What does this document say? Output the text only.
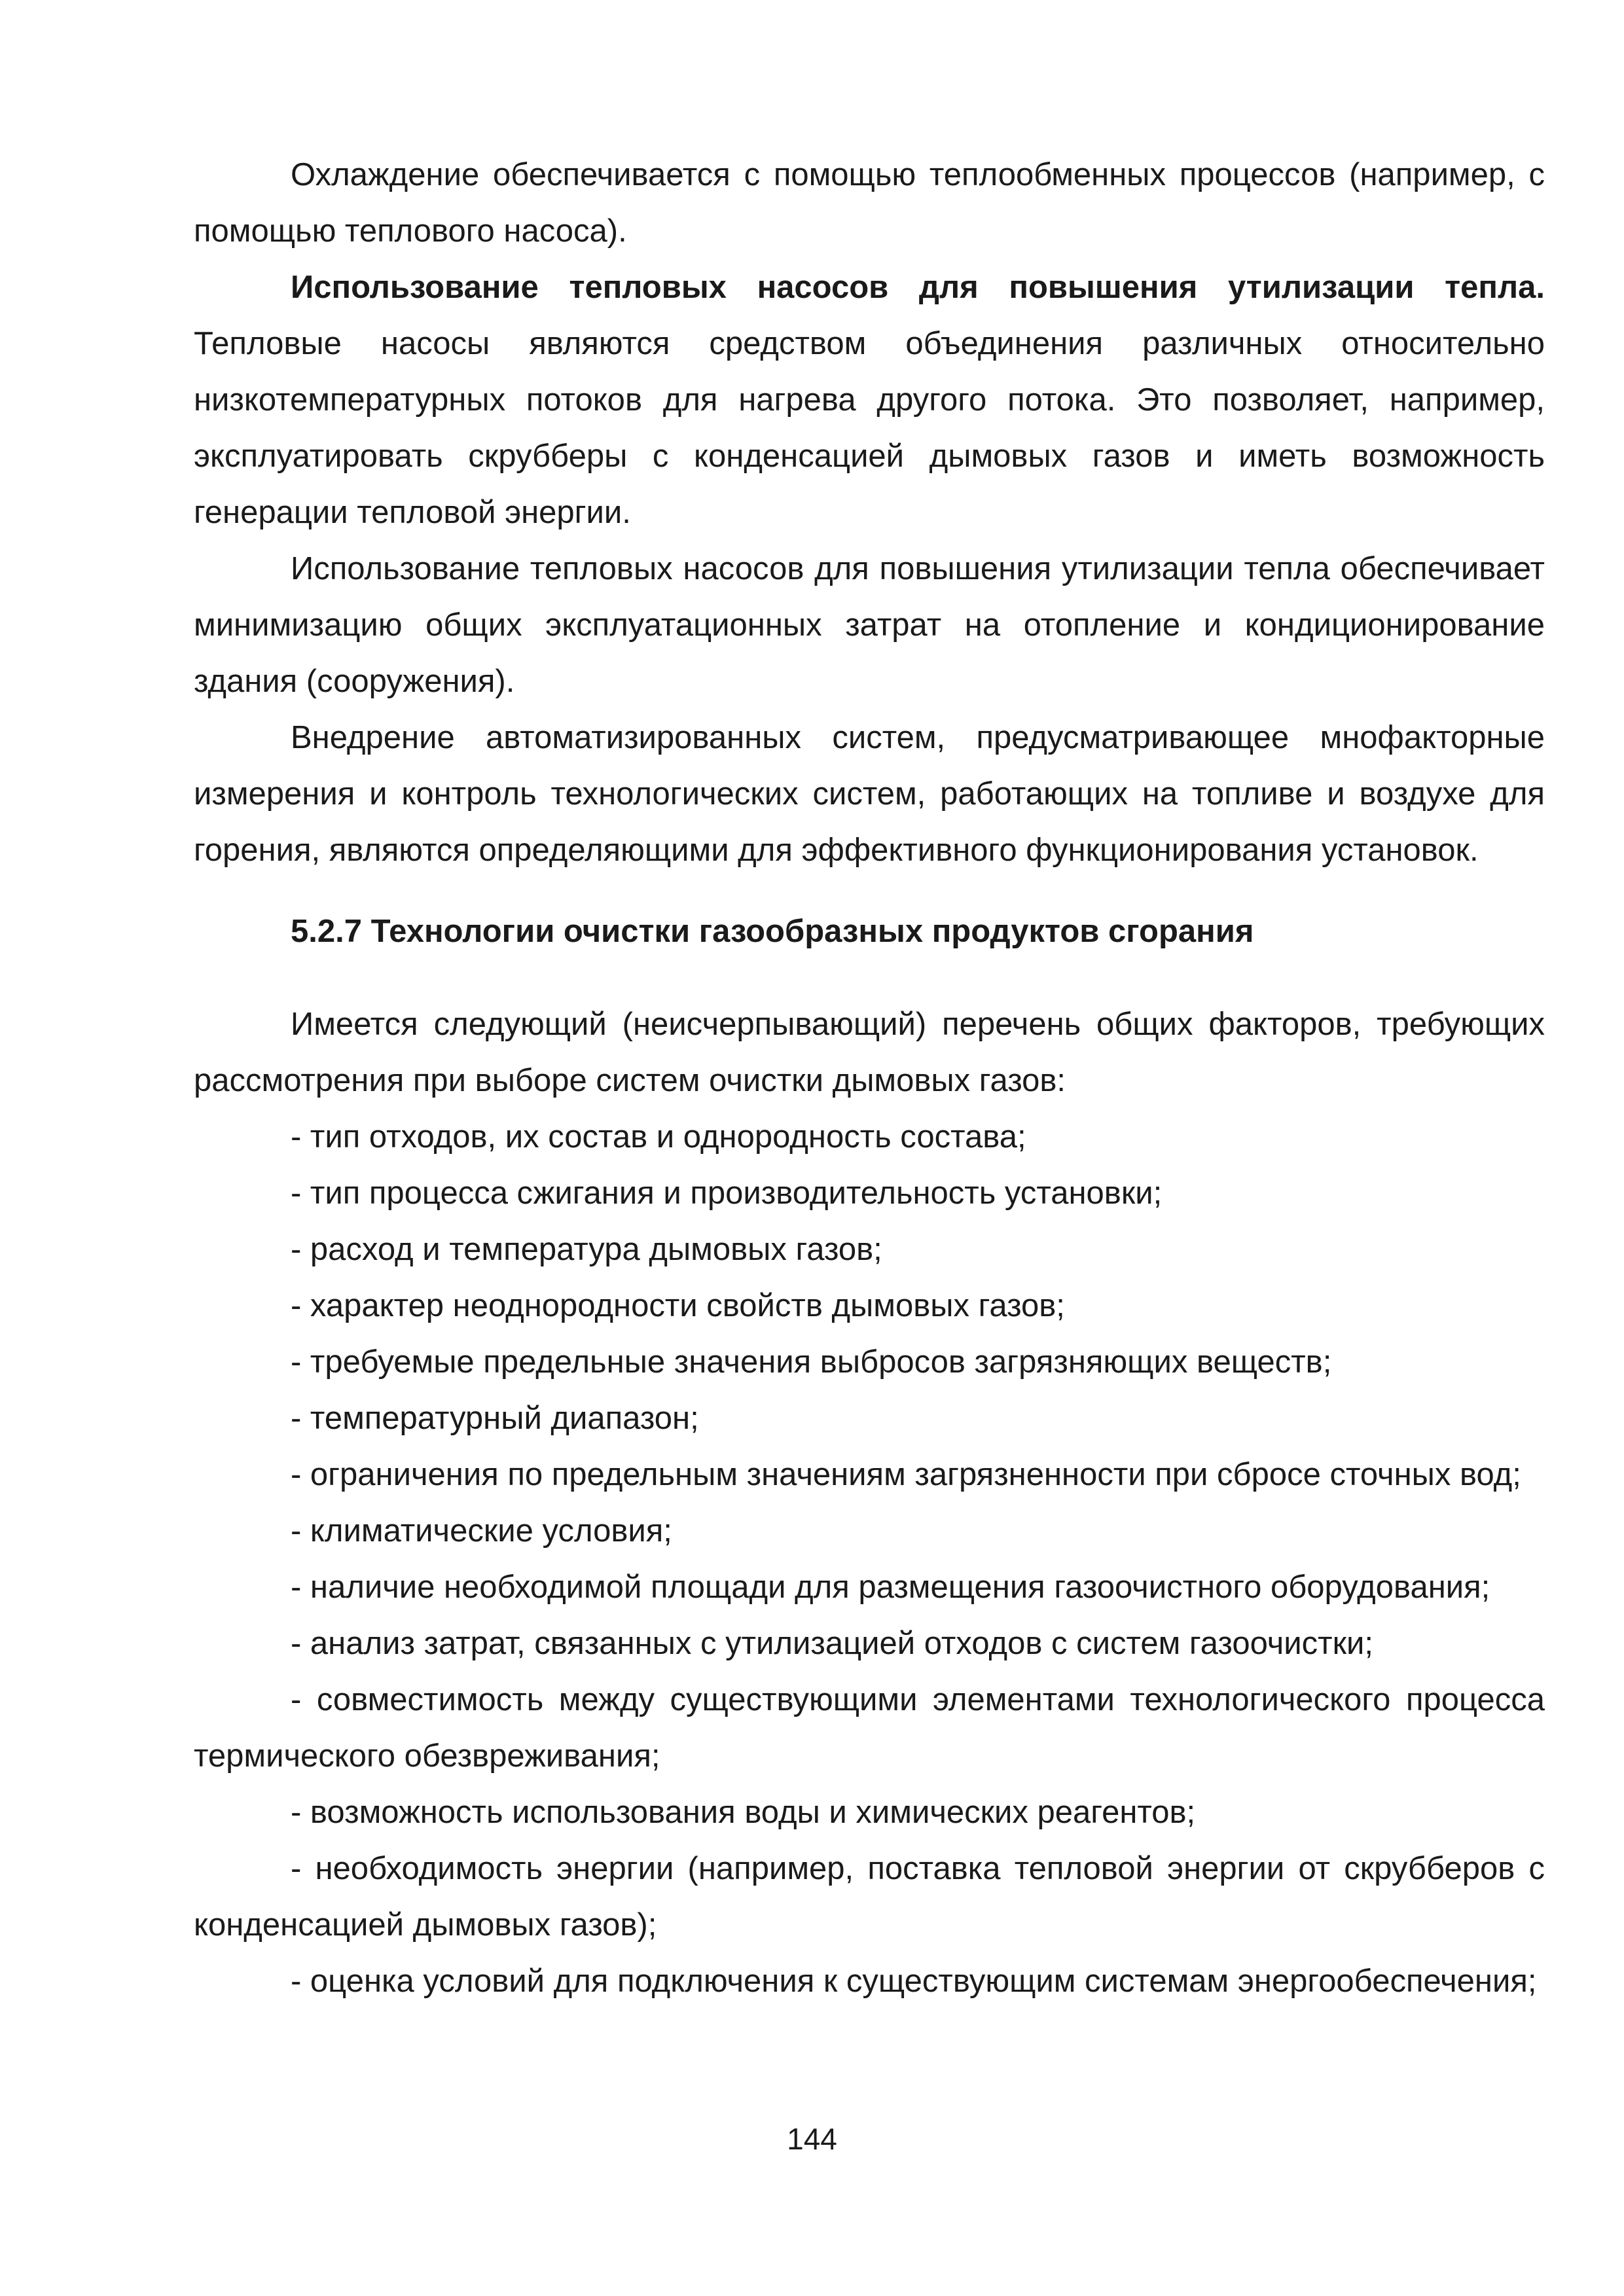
Охлаждение обеспечивается с помощью теплообменных процессов (например, с помощью теплового насоса).

Использование тепловых насосов для повышения утилизации тепла. Тепловые насосы являются средством объединения различных относительно низкотемпературных потоков для нагрева другого потока. Это позволяет, например, эксплуатировать скрубберы с конденсацией дымовых газов и иметь возможность генерации тепловой энергии.

Использование тепловых насосов для повышения утилизации тепла обеспечивает минимизацию общих эксплуатационных затрат на отопление и кондиционирование здания (сооружения).

Внедрение автоматизированных систем, предусматривающее мнофакторные измерения и контроль технологических систем, работающих на топливе и воздухе для горения, являются определяющими для эффективного функционирования установок.

5.2.7 Технологии очистки газообразных продуктов сгорания

Имеется следующий (неисчерпывающий) перечень общих факторов, требующих рассмотрения при выборе систем очистки дымовых газов:

- тип отходов, их состав и однородность состава;

- тип процесса сжигания и производительность установки;

- расход и температура дымовых газов;

- характер неоднородности свойств дымовых газов;

- требуемые предельные значения выбросов загрязняющих веществ;

- температурный диапазон;

- ограничения по предельным значениям загрязненности при сбросе сточных вод;

- климатические условия;

- наличие необходимой площади для размещения газоочистного оборудования;

- анализ затрат, связанных с утилизацией отходов с систем газоочистки;

- совместимость между существующими элементами технологического процесса термического обезвреживания;

- возможность использования воды и химических реагентов;

- необходимость энергии (например, поставка тепловой энергии от скрубберов с конденсацией дымовых газов);

- оценка условий для подключения к существующим системам энергообеспечения;

144
